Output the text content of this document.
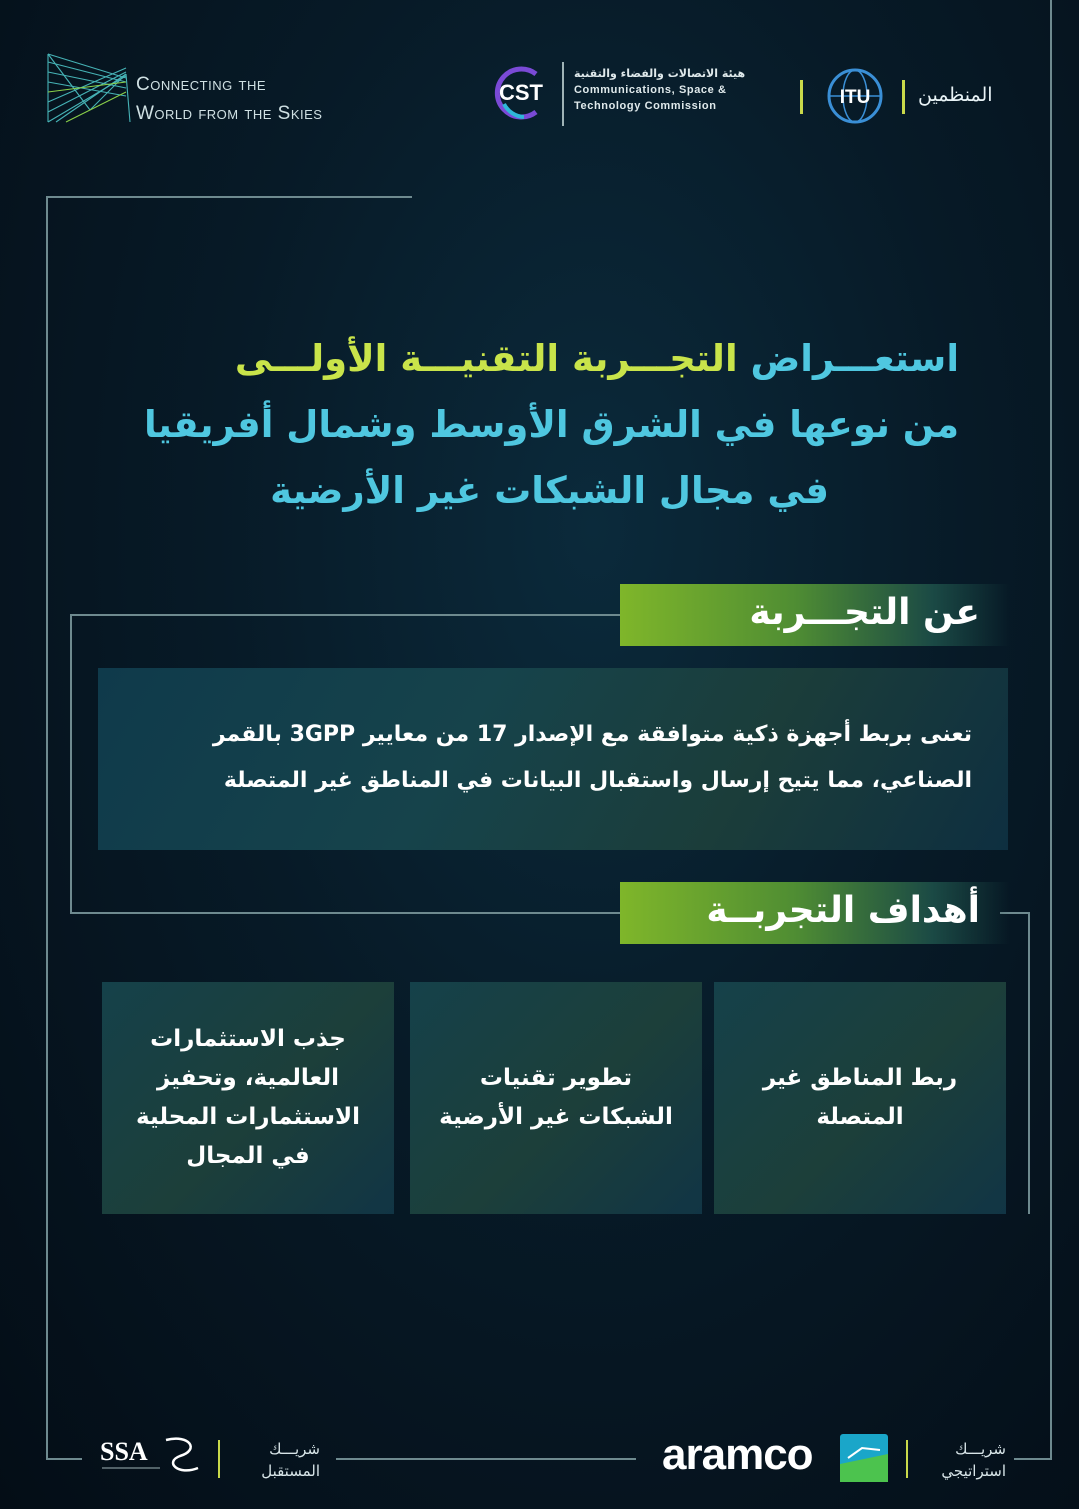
Connecting the
World from the Skies
CST
هيئة الاتصالات والفضاء والتقنية
Communications, Space &
Technology Commission	ITU	المنظمين
استعـــراض التجـــربة التقنيـــة الأولـــى
من نوعها في الشرق الأوسط وشمال أفريقيا
في مجال الشبكات غير الأرضية
عن التجـــربة
تعنى بربط أجهزة ذكية متوافقة مع الإصدار 17 من معايير 3GPP بالقمر
الصناعي، مما يتيح إرسال واستقبال البيانات في المناطق غير المتصلة
أهداف التجربــة
ربط المناطق غير المتصلة
تطوير تقنيات الشبكات غير الأرضية
جذب الاستثمارات العالمية، وتحفيز الاستثمارات المحلية في المجال
SSA	شريـــك
المستقبل	aramco	شريـــك
استراتيجي
